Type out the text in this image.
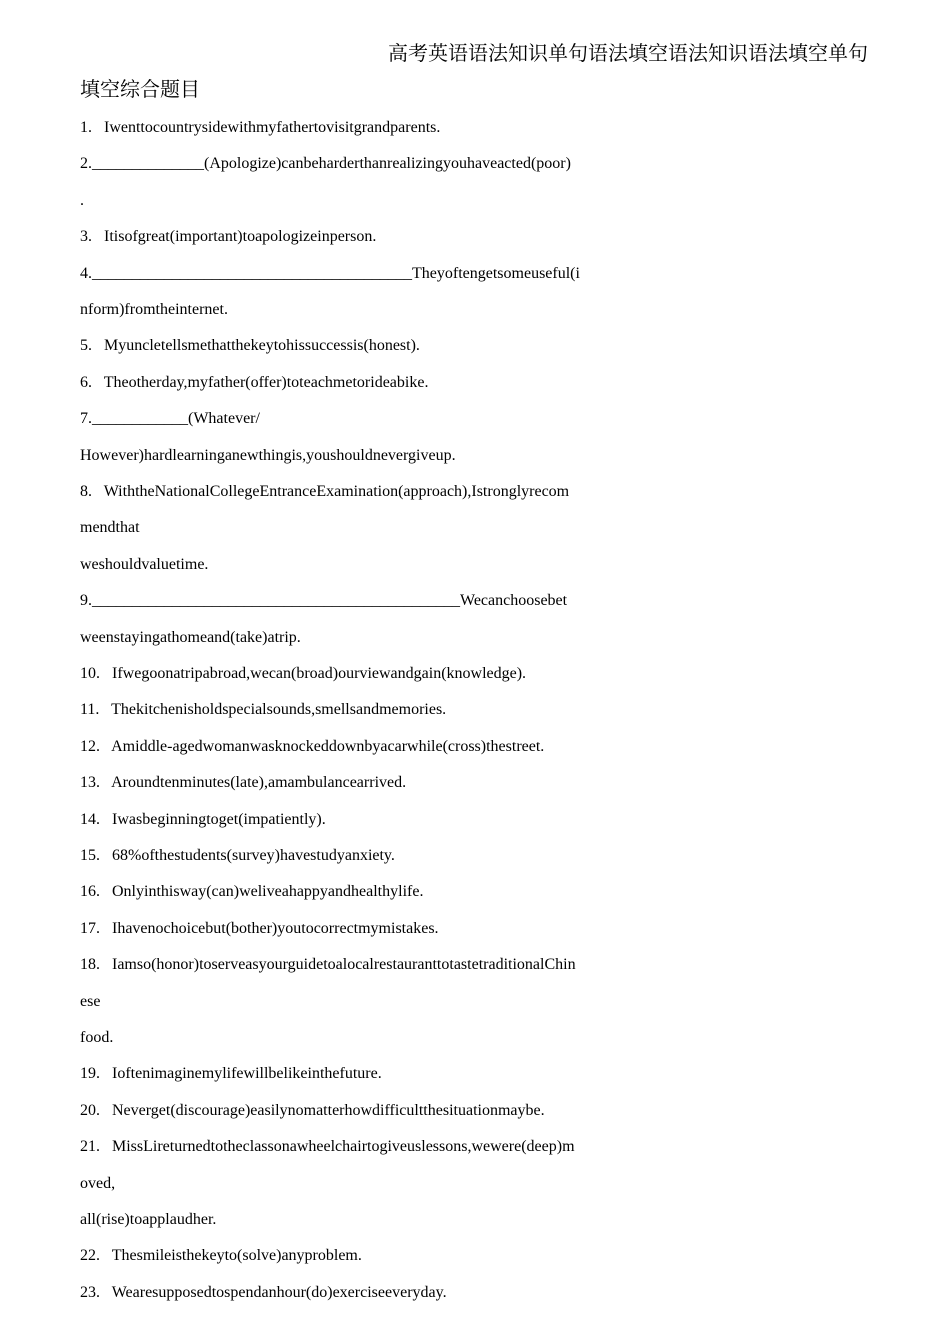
高考英语语法知识单句语法填空语法知识语法填空单句
填空综合题目
1.   Iwenttocountrysidewithmyfathertovisitgrandparents.
2.______________(Apologize)canbeharderthanrealizingyouhaveacted(poor)
.
3.   Itisofgreat(important)toapologizeinperson.
4.________________________________________Theyoftengetsomeuseful(i
nform)fromtheinternet.
5.   Myuncletellsmethatthekeytohissuccessis(honest).
6.   Theotherday,myfather(offer)toteachmetorideabike.
7.____________(Whatever/
However)hardlearninganewthingis,youshouldnevergiveup.
8.   WiththeNationalCollegeEntranceExamination(approach),Istronglyrecom
mendthat
weshouldvaluetime.
9.______________________________________________Wecanchoosebet
weenstayingathomeand(take)atrip.
10.   Ifwegoonatripabroad,wecan(broad)ourviewandgain(knowledge).
11.   Thekitchenisholdspecialsounds,smellsandmemories.
12.   Amiddle-agedwomanwasknockeddownbyacarwhile(cross)thestreet.
13.   Aroundtenminutes(late),amambulancearrived.
14.   Iwasbeginningtoget(impatiently).
15.   68%ofthestudents(survey)havestudyanxiety.
16.   Onlyinthisway(can)weliveahappyandhealthylife.
17.   Ihavenochoicebut(bother)youtocorrectmymistakes.
18.   Iamso(honor)toserveasyourguidetoalocalrestauranttotastetraditionalChin
ese
food.
19.   Ioftenimaginemylifewillbelikeinthefuture.
20.   Neverget(discourage)easilynomatterhowdifficultthesituationmaybe.
21.   MissLireturnedtotheclassonawheelchairtogiveuslessons,wewere(deep)m
oved,
all(rise)toapplaudher.
22.   Thesmileisthekeyto(solve)anyproblem.
23.   Wearesupposedtospendanhour(do)exerciseeveryday.
